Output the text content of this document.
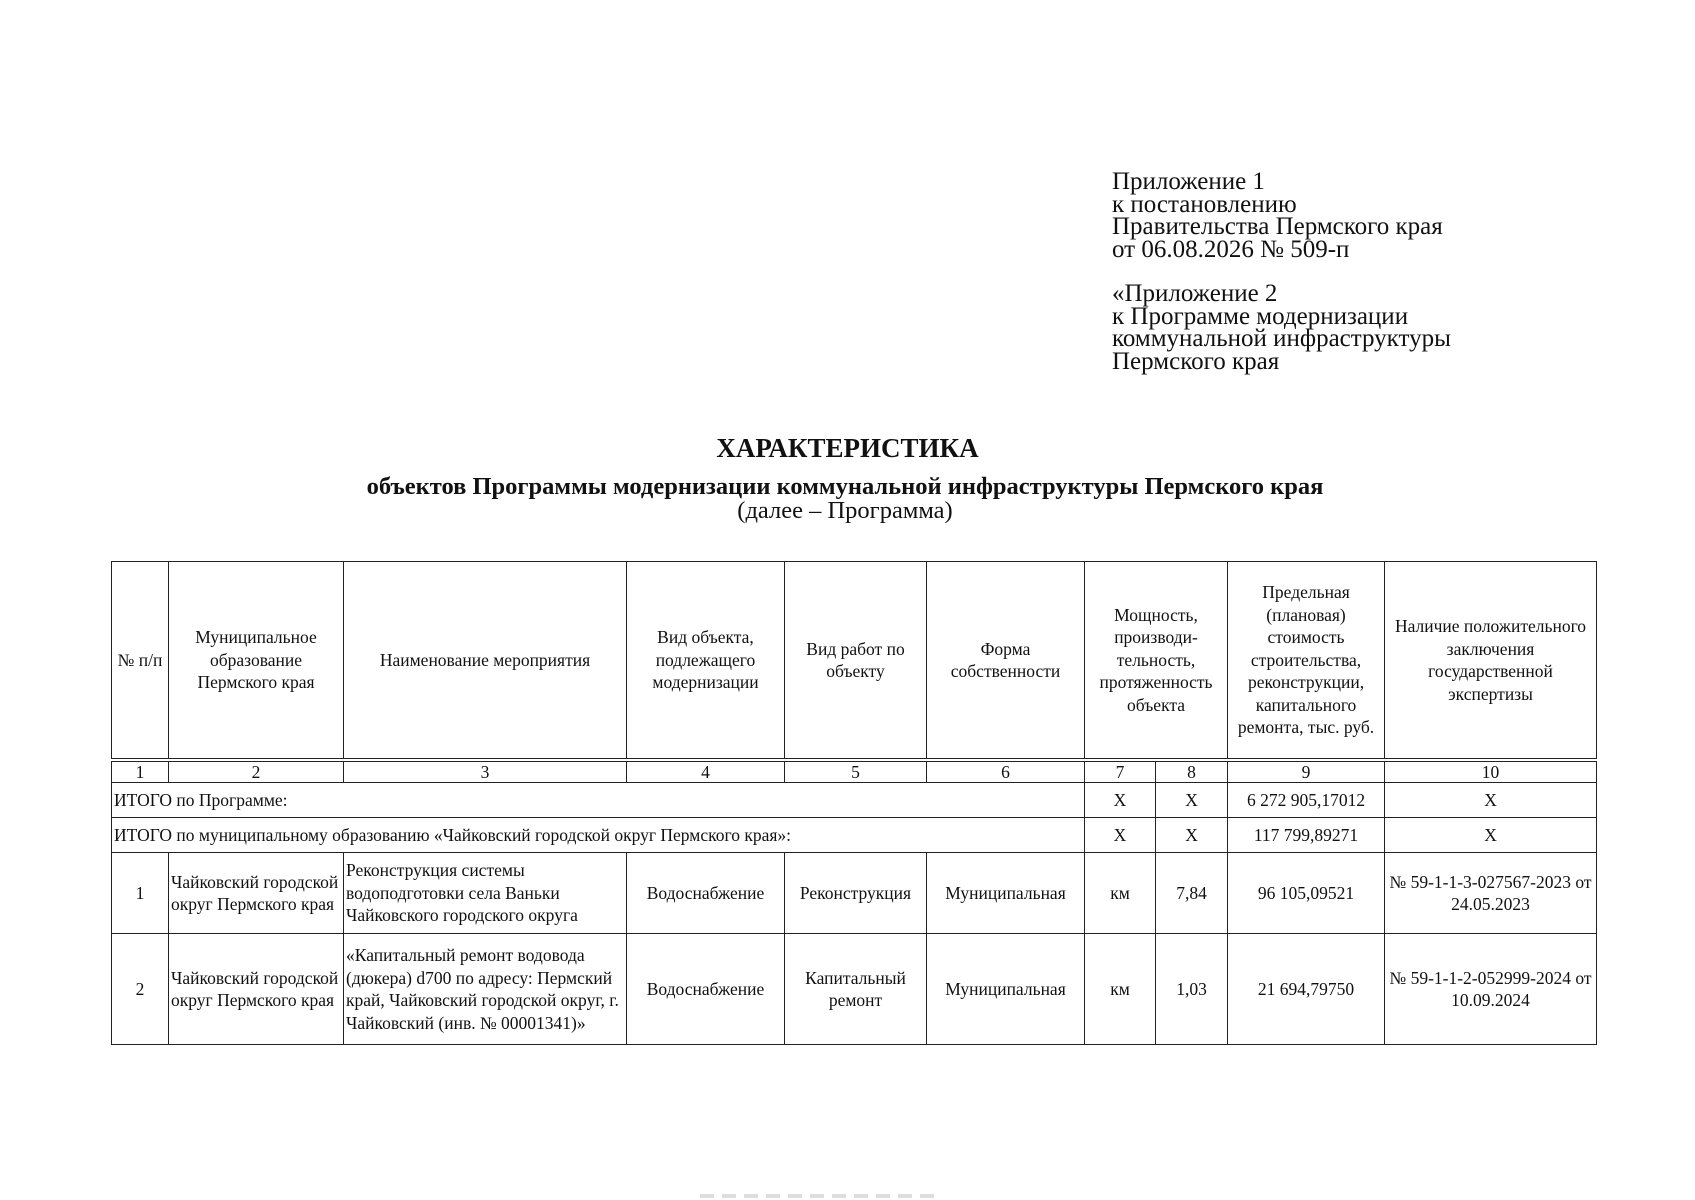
Приложение 1
к постановлению
Правительства Пермского края
от 06.08.2026 № 509-п
«Приложение 2
к Программе модернизации
коммунальной инфраструктуры
Пермского края
ХАРАКТЕРИСТИКА
объектов Программы модернизации коммунальной инфраструктуры Пермского края
(далее – Программа)
№ п/п	Муниципальное образование Пермского края	Наименование мероприятия	Вид объекта, подлежащего модернизации	Вид работ по объекту	Форма собственности	Мощность, производи-тельность, протяженность объекта		Предельная (плановая) стоимость строительства, реконструкции, капитального ремонта, тыс. руб.	Наличие положительного заключения государственной экспертизы
1	2	3	4	5	6	7	8	9	10
ИТОГО по Программе:						Х	Х	6 272 905,17012	Х
ИТОГО по муниципальному образованию «Чайковский городской округ Пермского края»:						Х	Х	117 799,89271	Х
1	Чайковский городской округ Пермского края	Реконструкция системы водоподготовки села Ваньки Чайковского городского округа	Водоснабжение	Реконструкция	Муниципальная	км	7,84	96 105,09521	№ 59-1-1-3-027567-2023 от 24.05.2023
2	Чайковский городской округ Пермского края	«Капитальный ремонт водовода (дюкера) d700 по адресу: Пермский край, Чайковский городской округ, г. Чайковский (инв. № 00001341)»	Водоснабжение	Капитальный ремонт	Муниципальная	км	1,03	21 694,79750	№ 59-1-1-2-052999-2024 от 10.09.2024
